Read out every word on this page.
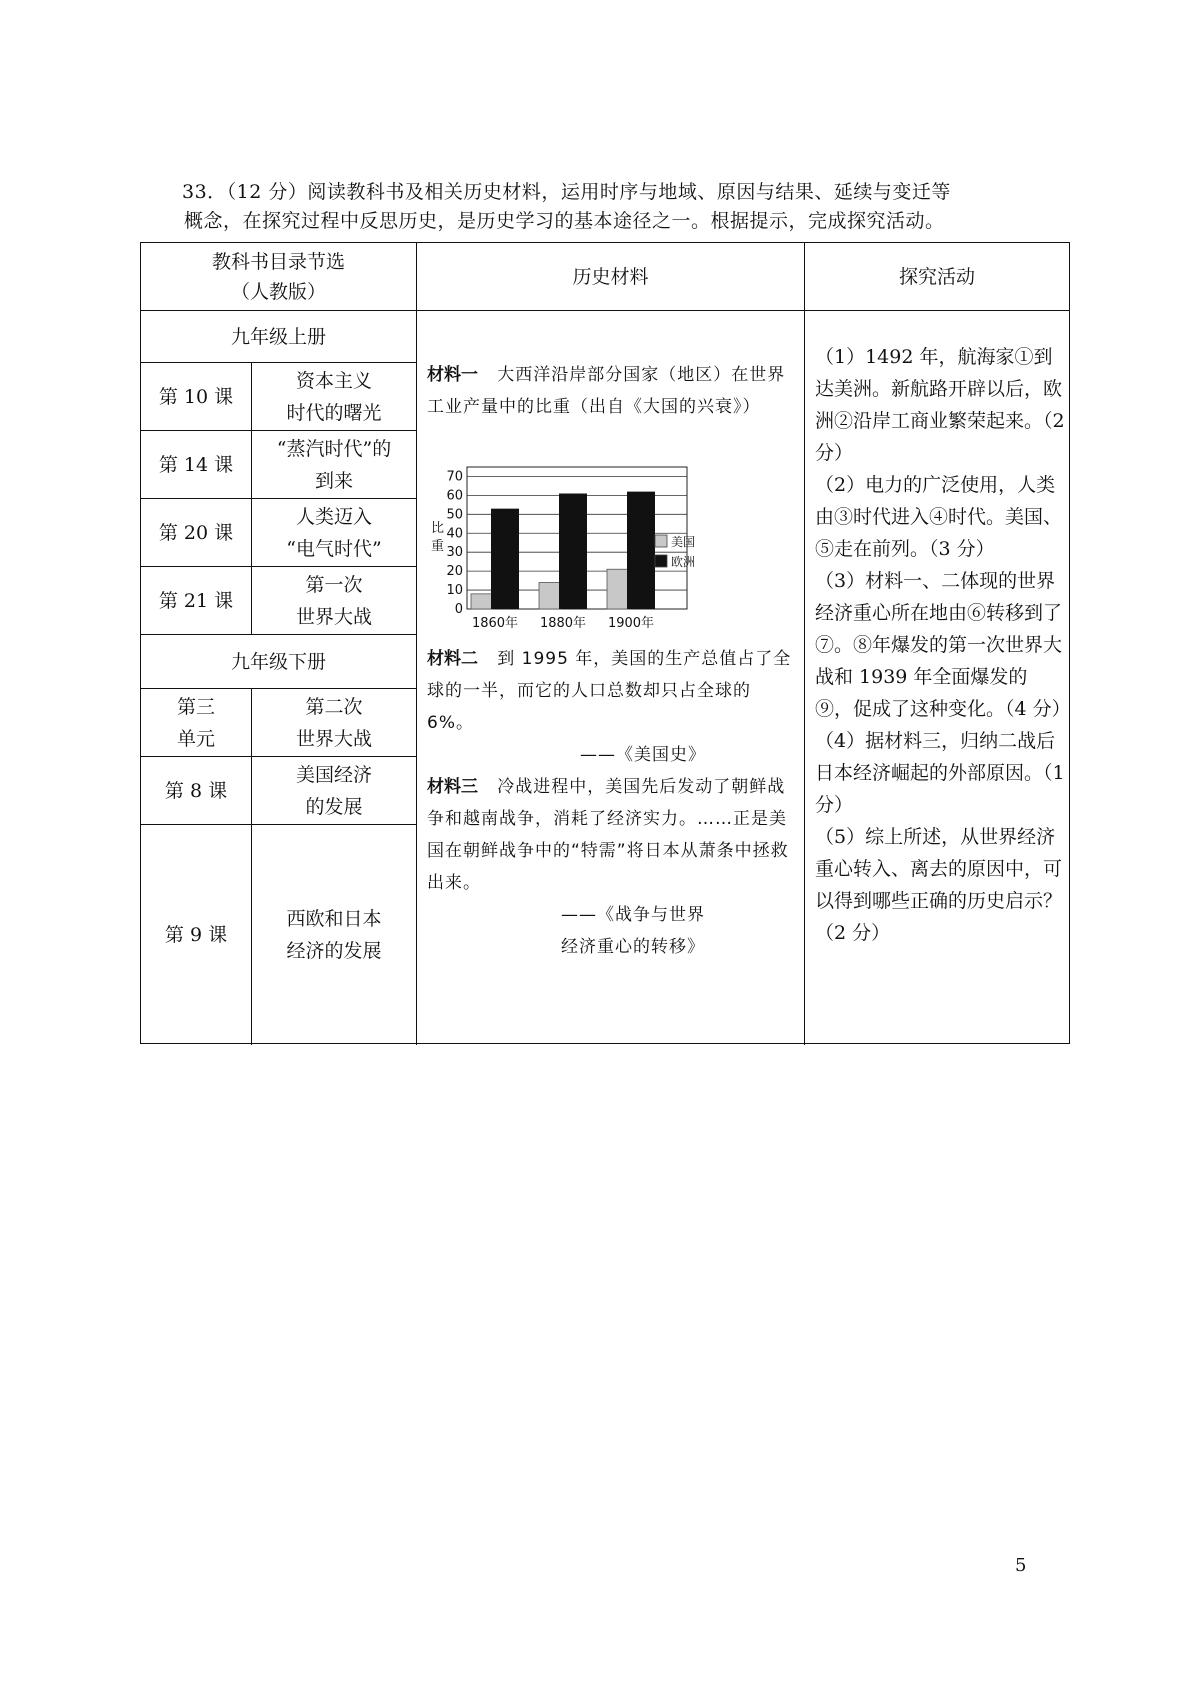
33．（12 分）阅读教科书及相关历史材料，运用时序与地域、原因与结果、延续与变迁等

概念，在探究过程中反思历史，是历史学习的基本途径之一。根据提示，完成探究活动。

教科书目录节选
（人教版）
历史材料	探究活动
九年级上册
第 10 课
资本主义
时代的曙光
第 14 课
“蒸汽时代”的
到来
第 20 课
人类迈入
“电气时代”
第 21 课
第一次
世界大战
九年级下册
第三
单元
第二次
世界大战
第 8 课
美国经济
的发展
第 9 课
西欧和日本
经济的发展
材料一 大西洋沿岸部分国家（地区）在世界工业产量中的比重（出自《大国的兴衰》）
0
10
20
30
40
50
60
70
比
重
1860年 1880年 1900年
美国
欧洲
材料二 到 1995 年，美国的生产总值占了全球的一半，而它的人口总数却只占全球的 6%。
——《美国史》
材料三 冷战进程中，美国先后发动了朝鲜战争和越南战争，消耗了经济实力。……正是美国在朝鲜战争中的“特需”将日本从萧条中拯救出来。
——《战争与世界
经济重心的转移》

（1）1492 年，航海家①到达美洲。新航路开辟以后，欧洲②沿岸工商业繁荣起来。（2 分）

（2）电力的广泛使用，人类由③时代进入④时代。美国、⑤走在前列。（3 分）

（3）材料一、二体现的世界经济重心所在地由⑥转移到了⑦。⑧年爆发的第一次世界大战和 1939 年全面爆发的⑨，促成了这种变化。（4 分）

（4）据材料三，归纳二战后日本经济崛起的外部原因。（1 分）

（5）综上所述，从世界经济重心转入、离去的原因中，可以得到哪些正确的历史启示？（2 分）

5
